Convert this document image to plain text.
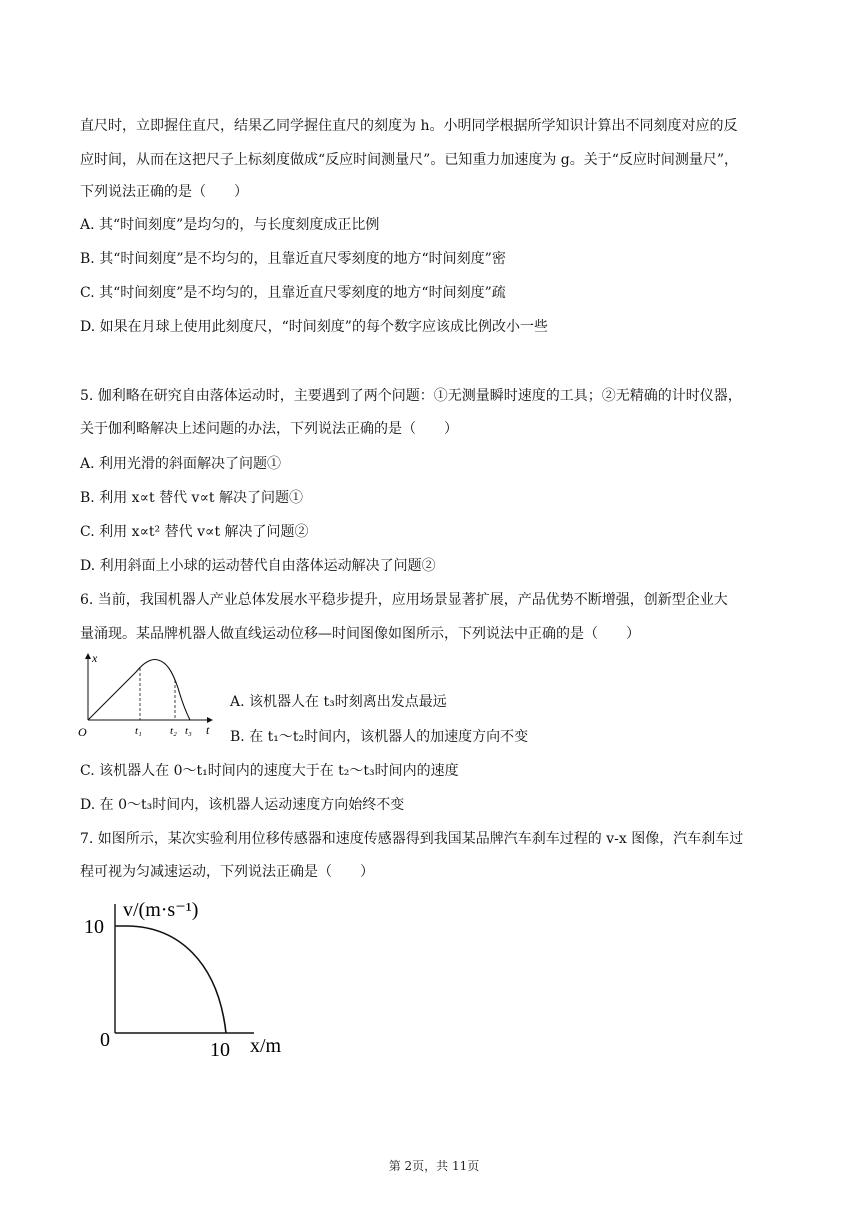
直尺时，立即握住直尺，结果乙同学握住直尺的刻度为 h。小明同学根据所学知识计算出不同刻度对应的反
应时间，从而在这把尺子上标刻度做成“反应时间测量尺”。已知重力加速度为 g。关于“反应时间测量尺”，
下列说法正确的是（　　）
A. 其“时间刻度”是均匀的，与长度刻度成正比例
B. 其“时间刻度”是不均匀的，且靠近直尺零刻度的地方“时间刻度”密
C. 其“时间刻度”是不均匀的，且靠近直尺零刻度的地方“时间刻度”疏
D. 如果在月球上使用此刻度尺，“时间刻度”的每个数字应该成比例改小一些
5. 伽利略在研究自由落体运动时，主要遇到了两个问题：①无测量瞬时速度的工具；②无精确的计时仪器，
关于伽利略解决上述问题的办法，下列说法正确的是（　　）
A. 利用光滑的斜面解决了问题①
B. 利用 x∝t 替代 v∝t 解决了问题①
C. 利用 x∝t² 替代 v∝t 解决了问题②
D. 利用斜面上小球的运动替代自由落体运动解决了问题②
6. 当前，我国机器人产业总体发展水平稳步提升，应用场景显著扩展，产品优势不断增强，创新型企业大
量涌现。某品牌机器人做直线运动位移—时间图像如图所示，下列说法中正确的是（　　）
x
O	t₁	t₂ t₃ t
A. 该机器人在 t₃时刻离出发点最远
B. 在 t₁～t₂时间内，该机器人的加速度方向不变
C. 该机器人在 0～t₁时间内的速度大于在 t₂～t₃时间内的速度
D. 在 0～t₃时间内，该机器人运动速度方向始终不变
7. 如图所示，某次实验利用位移传感器和速度传感器得到我国某品牌汽车刹车过程的 v-x 图像，汽车刹车过
程可视为匀减速运动，下列说法正确是（　　）
v/(m·s⁻¹)
10
0	10 x/m
第 2页，共 11页
